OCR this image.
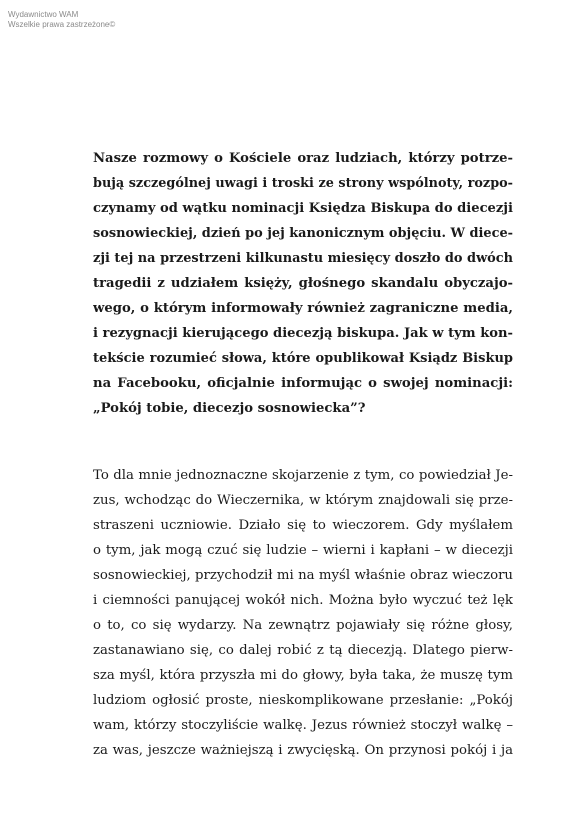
Wydawnictwo WAM
Wszelkie prawa zastrzeżone©
Nasze rozmowy o Kościele oraz ludziach, którzy potrze-
bują szczególnej uwagi i troski ze strony wspólnoty, rozpo-
czynamy od wątku nominacji Księdza Biskupa do diecezji
sosnowieckiej, dzień po jej kanonicznym objęciu. W diece-
zji tej na przestrzeni kilkunastu miesięcy doszło do dwóch
tragedii z udziałem księży, głośnego skandalu obyczajo-
wego, o którym informowały również zagraniczne media,
i rezygnacji kierującego diecezją biskupa. Jak w tym kon-
tekście rozumieć słowa, które opublikował Ksiądz Biskup
na Facebooku, oficjalnie informując o swojej nominacji:
„Pokój tobie, diecezjo sosnowiecka”?
To dla mnie jednoznaczne skojarzenie z tym, co powiedział Je-
zus, wchodząc do Wieczernika, w którym znajdowali się prze-
straszeni uczniowie. Działo się to wieczorem. Gdy myślałem
o tym, jak mogą czuć się ludzie – wierni i kapłani – w diecezji
sosnowieckiej, przychodził mi na myśl właśnie obraz wieczoru
i ciemności panującej wokół nich. Można było wyczuć też lęk
o to, co się wydarzy. Na zewnątrz pojawiały się różne głosy,
zastanawiano się, co dalej robić z tą diecezją. Dlatego pierw-
sza myśl, która przyszła mi do głowy, była taka, że muszę tym
ludziom ogłosić proste, nieskomplikowane przesłanie: „Pokój
wam, którzy stoczyliście walkę. Jezus również stoczył walkę –
za was, jeszcze ważniejszą i zwycięską. On przynosi pokój i ja
